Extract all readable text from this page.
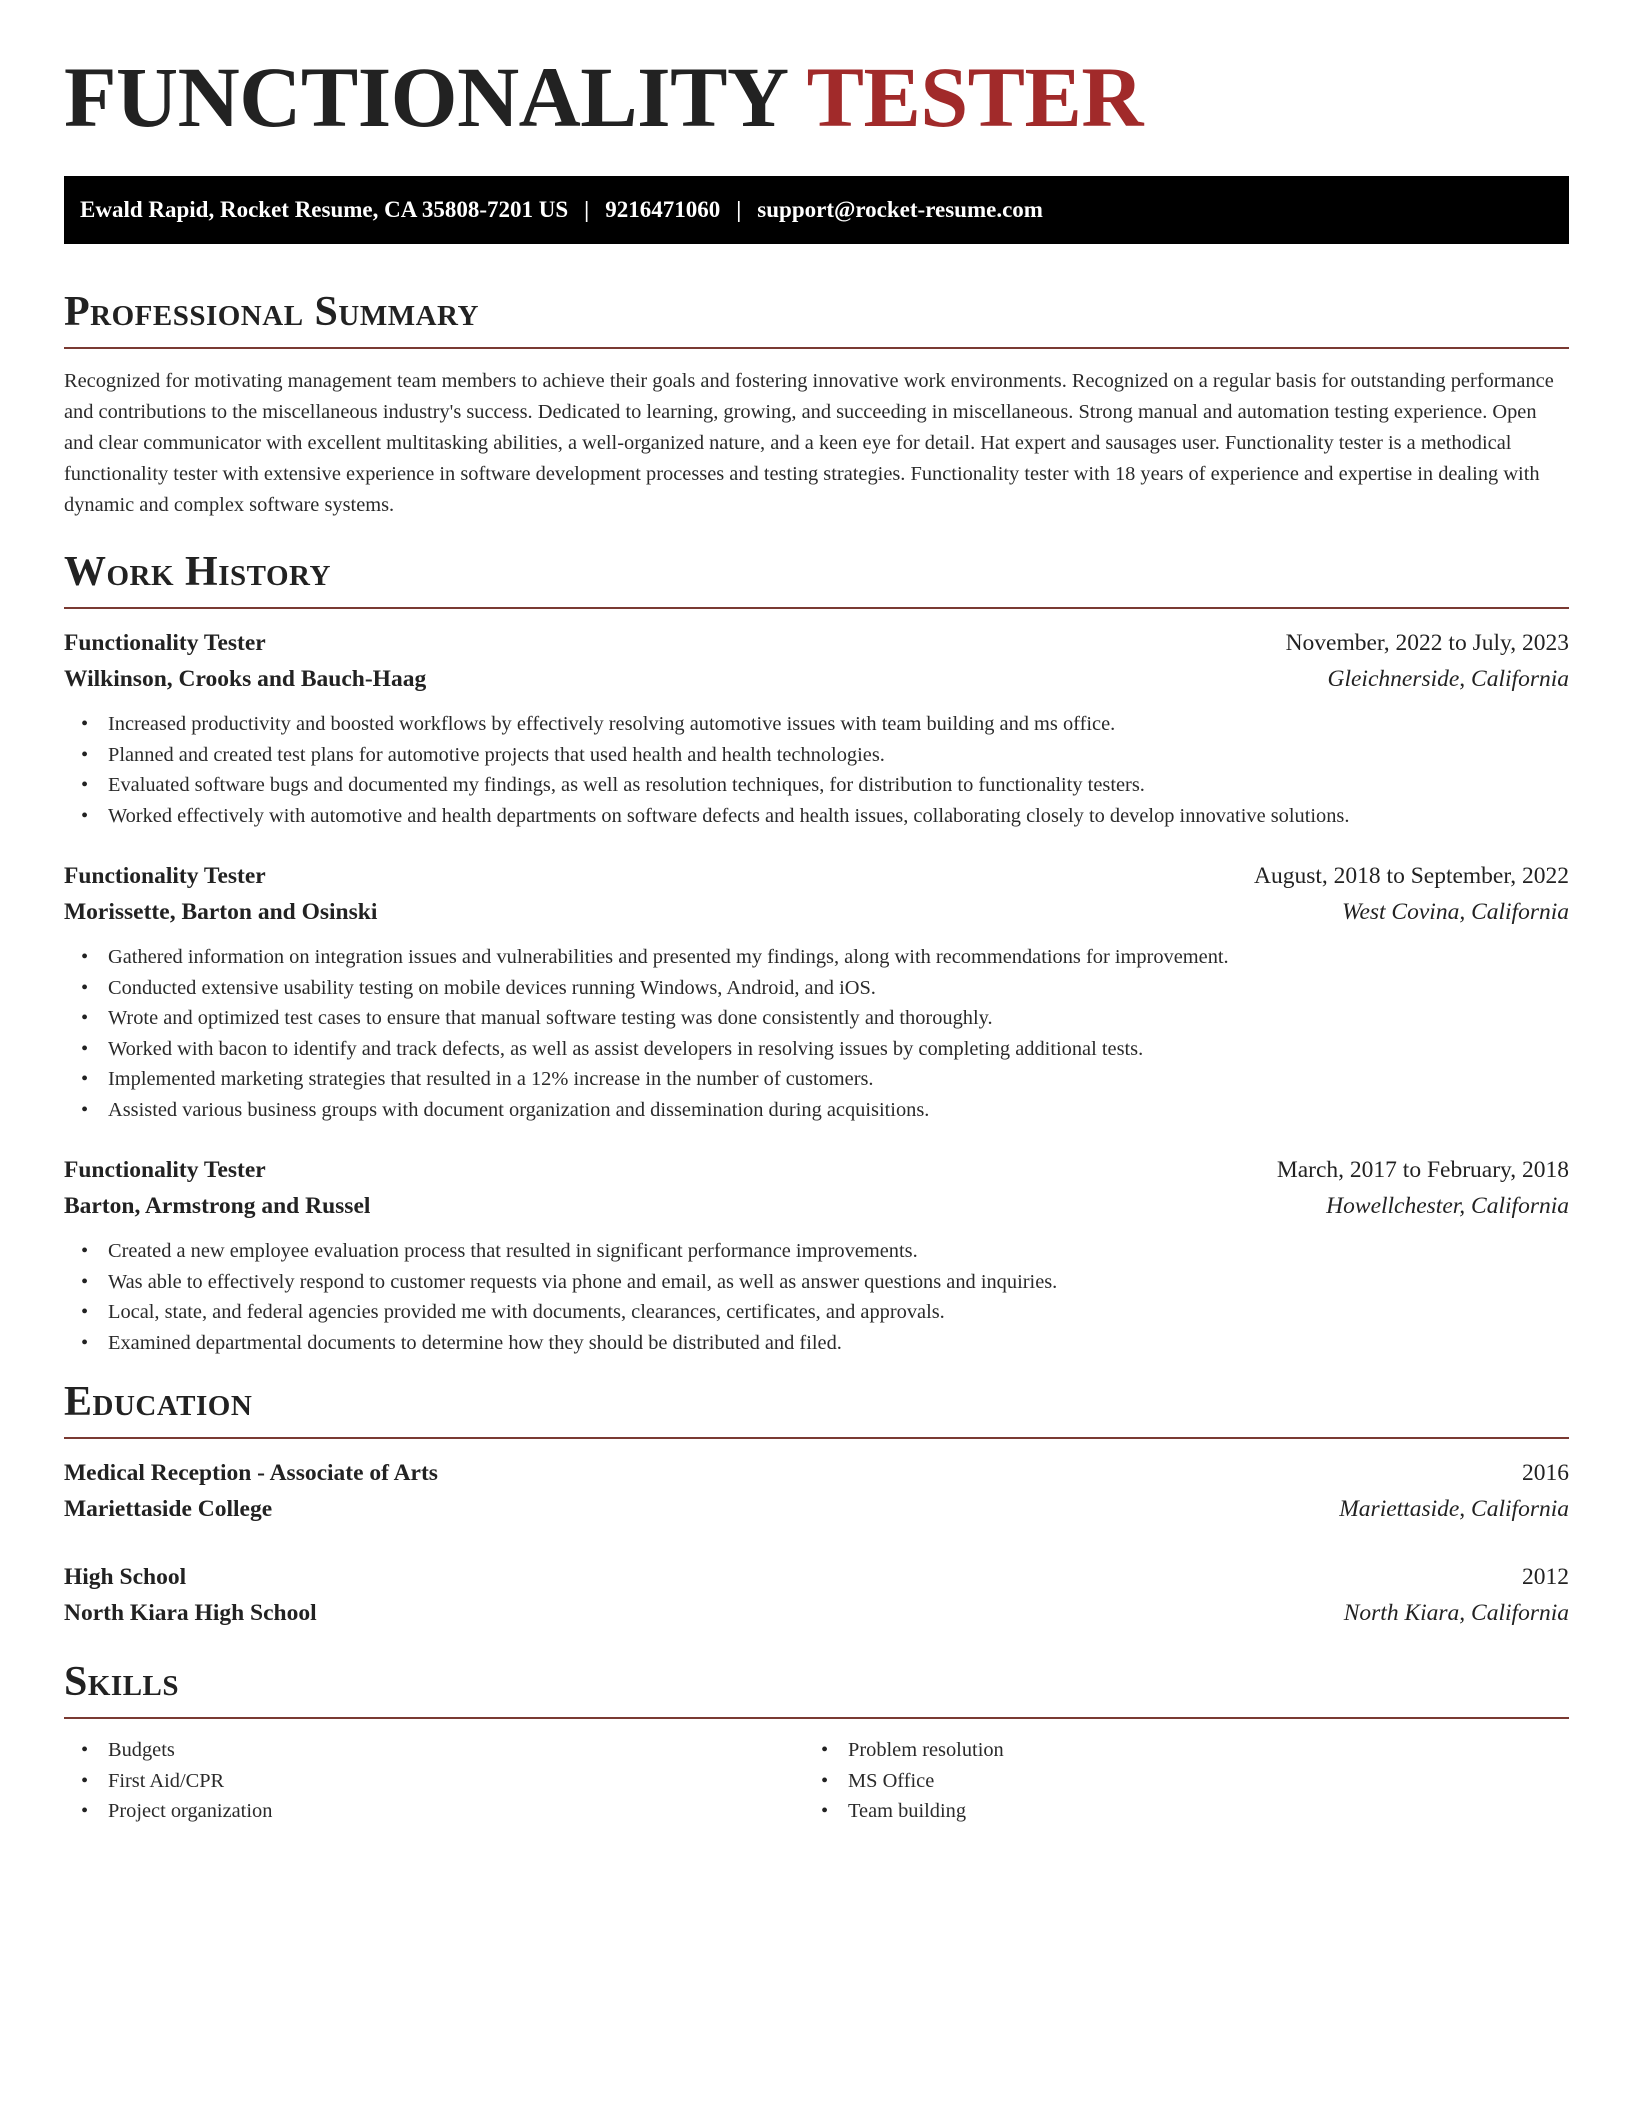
FUNCTIONALITY TESTER
Ewald Rapid, Rocket Resume, CA 35808-7201 US | 9216471060 | support@rocket-resume.com
Professional Summary
Recognized for motivating management team members to achieve their goals and fostering innovative work environments. Recognized on a regular basis for outstanding performance and contributions to the miscellaneous industry's success. Dedicated to learning, growing, and succeeding in miscellaneous. Strong manual and automation testing experience. Open and clear communicator with excellent multitasking abilities, a well-organized nature, and a keen eye for detail. Hat expert and sausages user. Functionality tester is a methodical functionality tester with extensive experience in software development processes and testing strategies. Functionality tester with 18 years of experience and expertise in dealing with dynamic and complex software systems.
Work History
Functionality Tester	November, 2022 to July, 2023
Wilkinson, Crooks and Bauch-Haag	Gleichnerside, California
• Increased productivity and boosted workflows by effectively resolving automotive issues with team building and ms office.
• Planned and created test plans for automotive projects that used health and health technologies.
• Evaluated software bugs and documented my findings, as well as resolution techniques, for distribution to functionality testers.
• Worked effectively with automotive and health departments on software defects and health issues, collaborating closely to develop innovative solutions.
Functionality Tester	August, 2018 to September, 2022
Morissette, Barton and Osinski	West Covina, California
• Gathered information on integration issues and vulnerabilities and presented my findings, along with recommendations for improvement.
• Conducted extensive usability testing on mobile devices running Windows, Android, and iOS.
• Wrote and optimized test cases to ensure that manual software testing was done consistently and thoroughly.
• Worked with bacon to identify and track defects, as well as assist developers in resolving issues by completing additional tests.
• Implemented marketing strategies that resulted in a 12% increase in the number of customers.
• Assisted various business groups with document organization and dissemination during acquisitions.
Functionality Tester	March, 2017 to February, 2018
Barton, Armstrong and Russel	Howellchester, California
• Created a new employee evaluation process that resulted in significant performance improvements.
• Was able to effectively respond to customer requests via phone and email, as well as answer questions and inquiries.
• Local, state, and federal agencies provided me with documents, clearances, certificates, and approvals.
• Examined departmental documents to determine how they should be distributed and filed.
Education
Medical Reception - Associate of Arts	2016
Mariettaside College	Mariettaside, California
High School	2012
North Kiara High School	North Kiara, California
Skills
• Budgets
• First Aid/CPR
• Project organization
• Problem resolution
• MS Office
• Team building
